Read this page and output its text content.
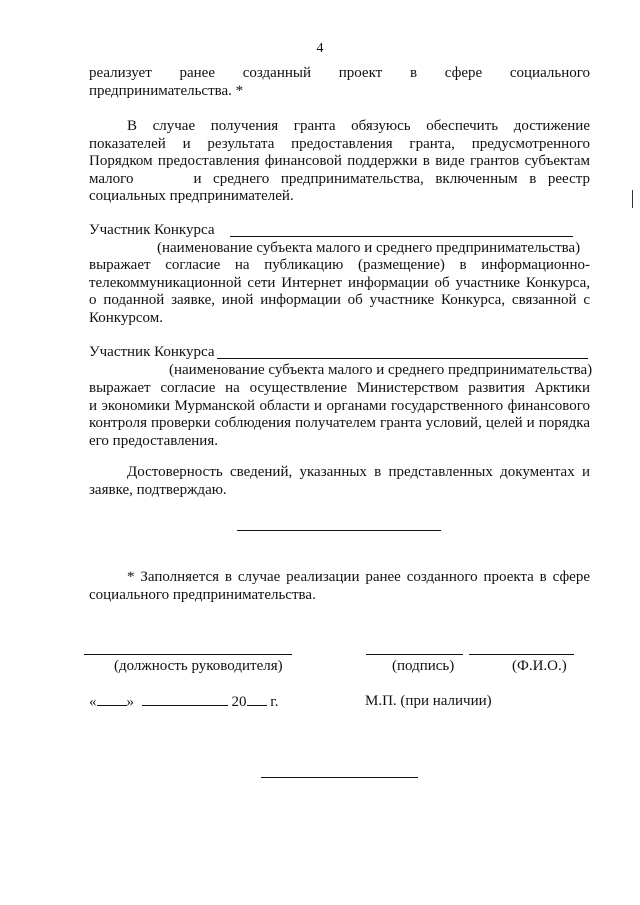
4
реализует ранее созданный проект в сфере социального
предпринимательства. *
В случае получения гранта обязуюсь обеспечить достижение
показателей и результата предоставления гранта, предусмотренного
Порядком предоставления финансовой поддержки в виде грантов субъектам
малого	и среднего предпринимательства, включенным в реестр
социальных предпринимателей.
Участник Конкурса
(наименование субъекта малого и среднего предпринимательства)
выражает согласие на публикацию (размещение) в информационно-
телекоммуникационной сети Интернет информации об участнике Конкурса,
о поданной заявке, иной информации об участнике Конкурса, связанной с
Конкурсом.
Участник Конкурса
(наименование субъекта малого и среднего предпринимательства)
выражает согласие на осуществление Министерством развития Арктики
и экономики Мурманской области и органами государственного финансового
контроля проверки соблюдения получателем гранта условий, целей и порядка
его предоставления.
Достоверность сведений, указанных в представленных документах и
заявке, подтверждаю.
* Заполняется в случае реализации ранее созданного проекта в сфере
социального предпринимательства.
(должность руководителя)	(подпись)	(Ф.И.О.)
« »	20 г.	М.П. (при наличии)
